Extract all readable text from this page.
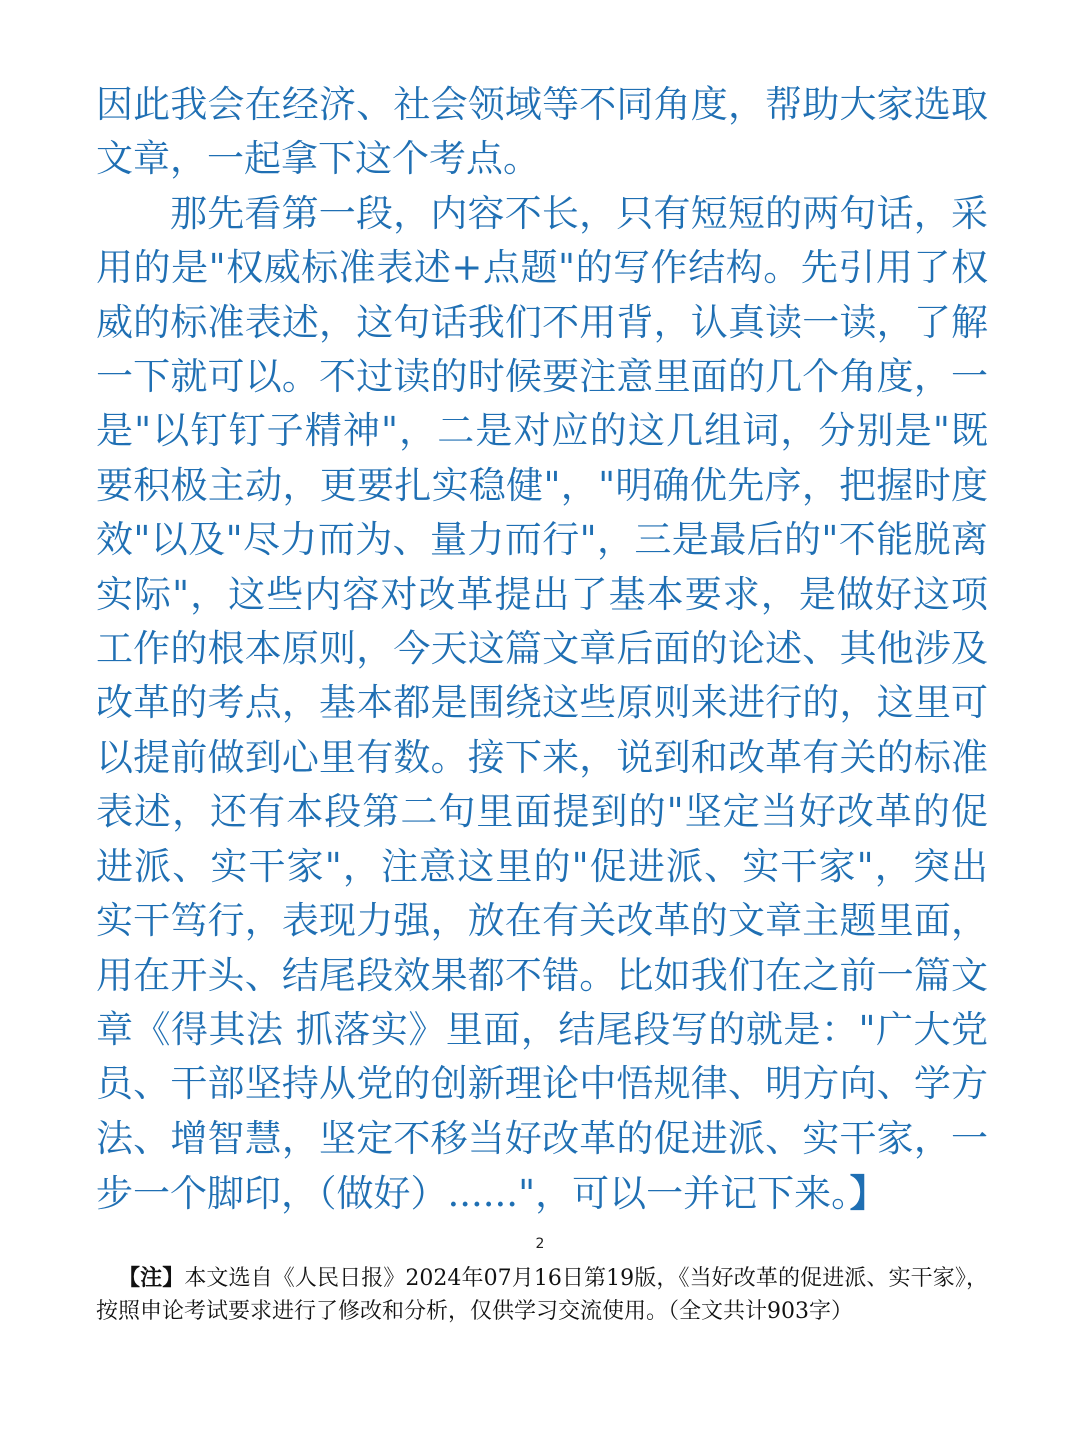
因此我会在经济、社会领域等不同角度，帮助大家选取文章，一起拿下这个考点。

那先看第一段，内容不长，只有短短的两句话，采用的是"权威标准表述+点题"的写作结构。先引用了权威的标准表述，这句话我们不用背，认真读一读，了解一下就可以。不过读的时候要注意里面的几个角度，一是"以钉钉子精神"，二是对应的这几组词，分别是"既要积极主动，更要扎实稳健"，"明确优先序，把握时度效"以及"尽力而为、量力而行"，三是最后的"不能脱离实际"，这些内容对改革提出了基本要求，是做好这项工作的根本原则，今天这篇文章后面的论述、其他涉及改革的考点，基本都是围绕这些原则来进行的，这里可以提前做到心里有数。接下来，说到和改革有关的标准表述，还有本段第二句里面提到的"坚定当好改革的促进派、实干家"，注意这里的"促进派、实干家"，突出实干笃行，表现力强，放在有关改革的文章主题里面，用在开头、结尾段效果都不错。比如我们在之前一篇文章《得其法 抓落实》里面，结尾段写的就是："广大党员、干部坚持从党的创新理论中悟规律、明方向、学方法、增智慧，坚定不移当好改革的促进派、实干家，一步一个脚印，（做好）......"，可以一并记下来。】

2

【注】本文选自《人民日报》2024年07月16日第19版，《当好改革的促进派、实干家》，按照申论考试要求进行了修改和分析，仅供学习交流使用。（全文共计903字）
